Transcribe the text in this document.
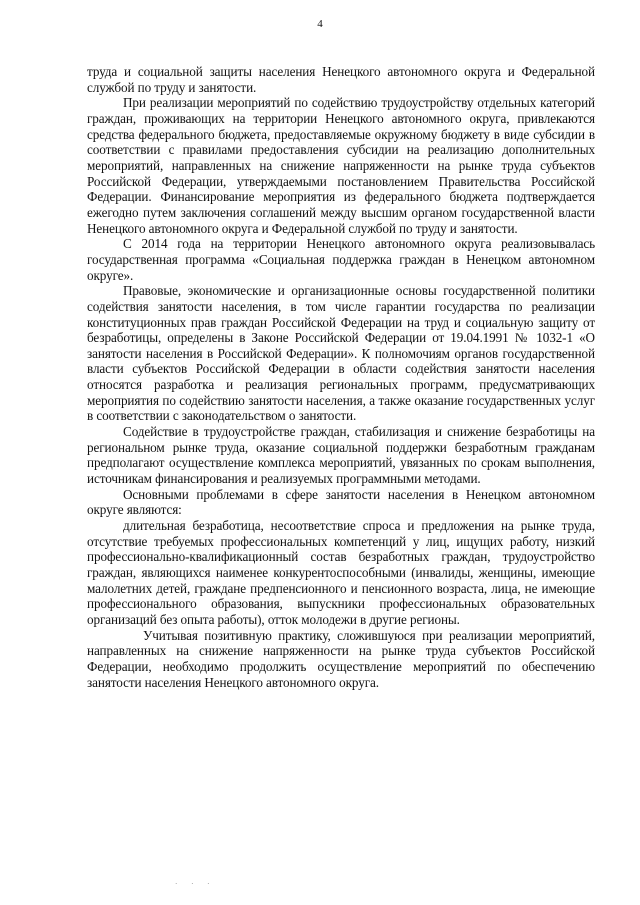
4

труда и социальной защиты населения Ненецкого автономного округа и Федеральной службой по труду и занятости.

При реализации мероприятий по содействию трудоустройству отдельных категорий граждан, проживающих на территории Ненецкого автономного округа, привлекаются средства федерального бюджета, предоставляемые окружному бюджету в виде субсидии в соответствии с правилами предоставления субсидии на реализацию дополнительных мероприятий, направленных на снижение напряженности на рынке труда субъектов Российской Федерации, утверждаемыми постановлением Правительства Российской Федерации. Финансирование мероприятия из федерального бюджета подтверждается ежегодно путем заключения соглашений между высшим органом государственной власти Ненецкого автономного округа и Федеральной службой по труду и занятости.

С 2014 года на территории Ненецкого автономного округа реализовывалась государственная программа «Социальная поддержка граждан в Ненецком автономном округе».

Правовые, экономические и организационные основы государственной политики содействия занятости населения, в том числе гарантии государства по реализации конституционных прав граждан Российской Федерации на труд и социальную защиту от безработицы, определены в Законе Российской Федерации от 19.04.1991 № 1032-1 «О занятости населения в Российской Федерации». К полномочиям органов государственной власти субъектов Российской Федерации в области содействия занятости населения относятся разработка и реализация региональных программ, предусматривающих мероприятия по содействию занятости населения, а также оказание государственных услуг в соответствии с законодательством о занятости.

Содействие в трудоустройстве граждан, стабилизация и снижение безработицы на региональном рынке труда, оказание социальной поддержки безработным гражданам предполагают осуществление комплекса мероприятий, увязанных по срокам выполнения, источникам финансирования и реализуемых программными методами.

Основными проблемами в сфере занятости населения в Ненецком автономном округе являются:

длительная безработица, несоответствие спроса и предложения на рынке труда, отсутствие требуемых профессиональных компетенций у лиц, ищущих работу, низкий профессионально-квалификационный состав безработных граждан, трудоустройство граждан, являющихся наименее конкурентоспособными (инвалиды, женщины, имеющие малолетних детей, граждане предпенсионного и пенсионного возраста, лица, не имеющие профессионального образования, выпускники профессиональных образовательных организаций без опыта работы), отток молодежи в другие регионы.

Учитывая позитивную практику, сложившуюся при реализации мероприятий, направленных на снижение напряженности на рынке труда субъектов Российской Федерации, необходимо продолжить осуществление мероприятий по обеспечению занятости населения Ненецкого автономного округа.

· · ·
